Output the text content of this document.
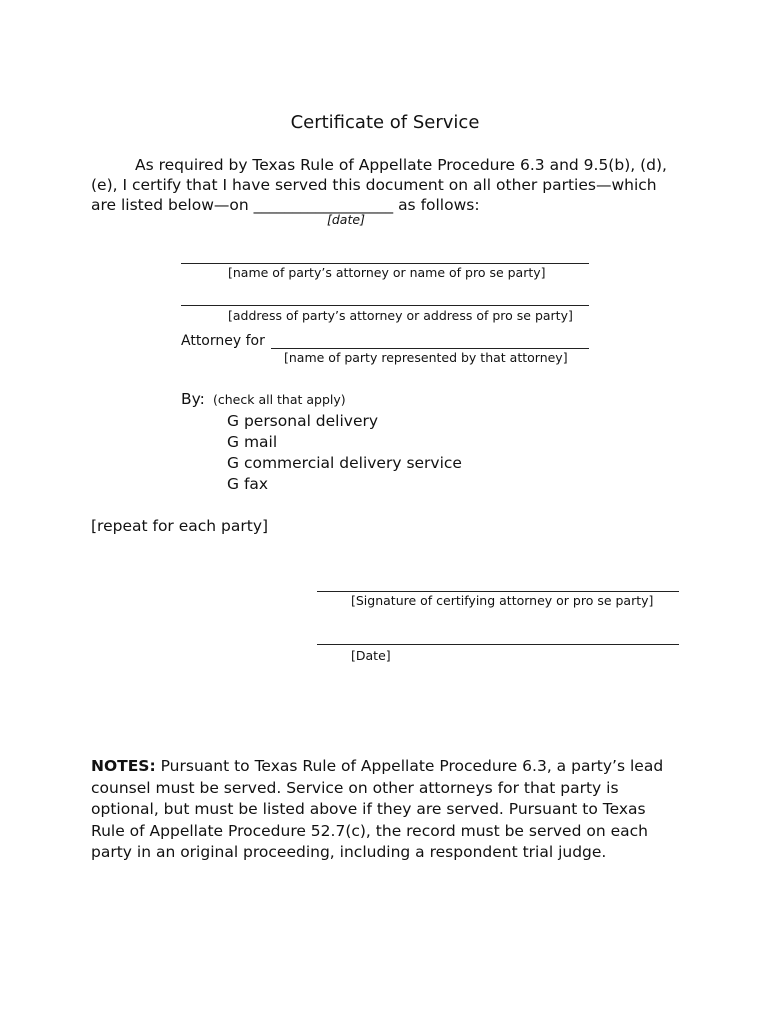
Certificate of Service
As required by Texas Rule of Appellate Procedure 6.3 and 9.5(b), (d),
(e), I certify that I have served this document on all other parties—which
are listed below—on __________________ as follows:
[date]
[name of party’s attorney or name of pro se party]
[address of party’s attorney or address of pro se party]
Attorney for
[name of party represented by that attorney]
By: (check all that apply)
G personal delivery
G mail
G commercial delivery service
G fax
[repeat for each party]
[Signature of certifying attorney or pro se party]
[Date]
NOTES: Pursuant to Texas Rule of Appellate Procedure 6.3, a party’s lead counsel must be served. Service on other attorneys for that party is optional, but must be listed above if they are served. Pursuant to Texas Rule of Appellate Procedure 52.7(c), the record must be served on each party in an original proceeding, including a respondent trial judge.
